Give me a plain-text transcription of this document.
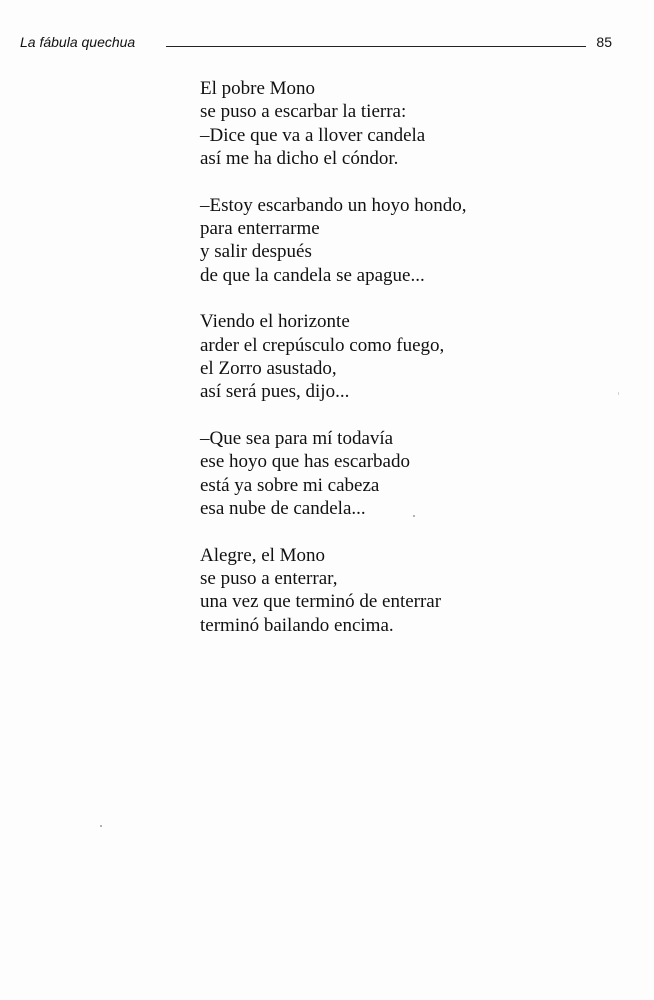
La fábula quechua	85
El pobre Mono
se puso a escarbar la tierra:
–Dice que va a llover candela
así me ha dicho el cóndor.
–Estoy escarbando un hoyo hondo,
para enterrarme
y salir después
de que la candela se apague...
Viendo el horizonte
arder el crepúsculo como fuego,
el Zorro asustado,
así será pues, dijo...
–Que sea para mí todavía
ese hoyo que has escarbado
está ya sobre mi cabeza
esa nube de candela...
Alegre, el Mono
se puso a enterrar,
una vez que terminó de enterrar
terminó bailando encima.
